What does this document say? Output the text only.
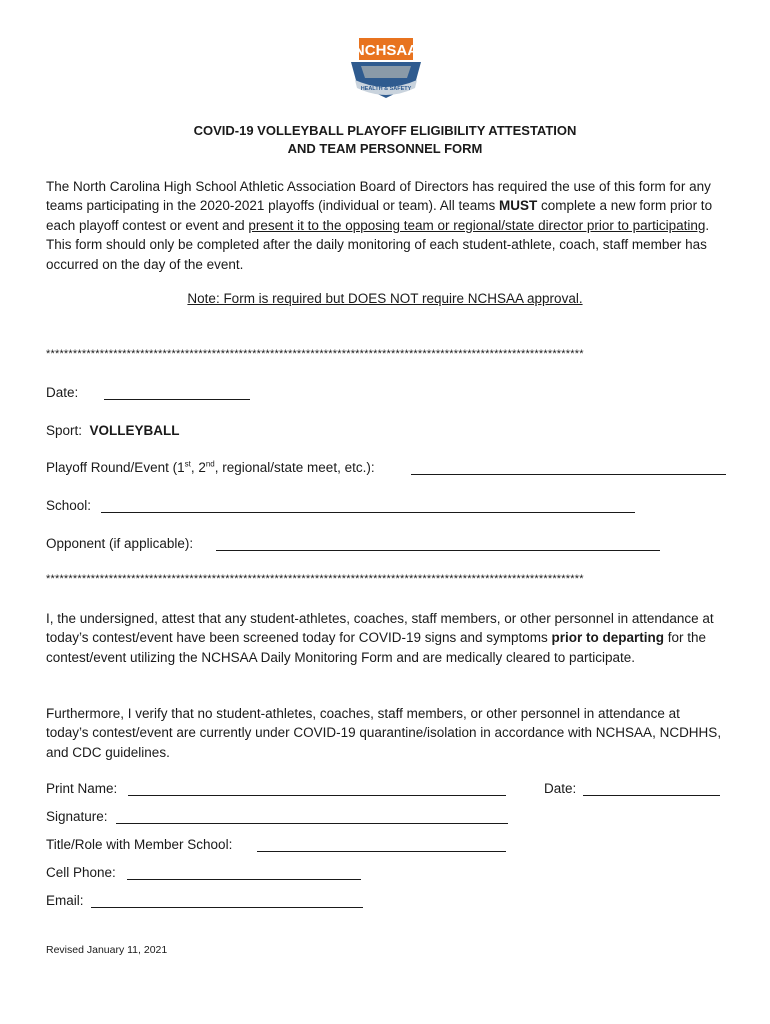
NCHSAA
HEALTH & SAFETY
COVID-19 VOLLEYBALL PLAYOFF ELIGIBILITY ATTESTATION
AND TEAM PERSONNEL FORM
The North Carolina High School Athletic Association Board of Directors has required the use of this form for any teams participating in the 2020-2021 playoffs (individual or team). All teams MUST complete a new form prior to each playoff contest or event and present it to the opposing team or regional/state director prior to participating. This form should only be completed after the daily monitoring of each student-athlete, coach, staff member has occurred on the day of the event.
Note: Form is required but DOES NOT require NCHSAA approval.
************************************************************************************************************************
Date:
Sport: VOLLEYBALL
Playoff Round/Event (1st, 2nd, regional/state meet, etc.):
School:
Opponent (if applicable):
************************************************************************************************************************
I, the undersigned, attest that any student-athletes, coaches, staff members, or other personnel in attendance at today’s contest/event have been screened today for COVID-19 signs and symptoms prior to departing for the contest/event utilizing the NCHSAA Daily Monitoring Form and are medically cleared to participate.
Furthermore, I verify that no student-athletes, coaches, staff members, or other personnel in attendance at today’s contest/event are currently under COVID-19 quarantine/isolation in accordance with NCHSAA, NCDHHS, and CDC guidelines.
Print Name:	Date:
Signature:
Title/Role with Member School:
Cell Phone:
Email:
Revised January 11, 2021
